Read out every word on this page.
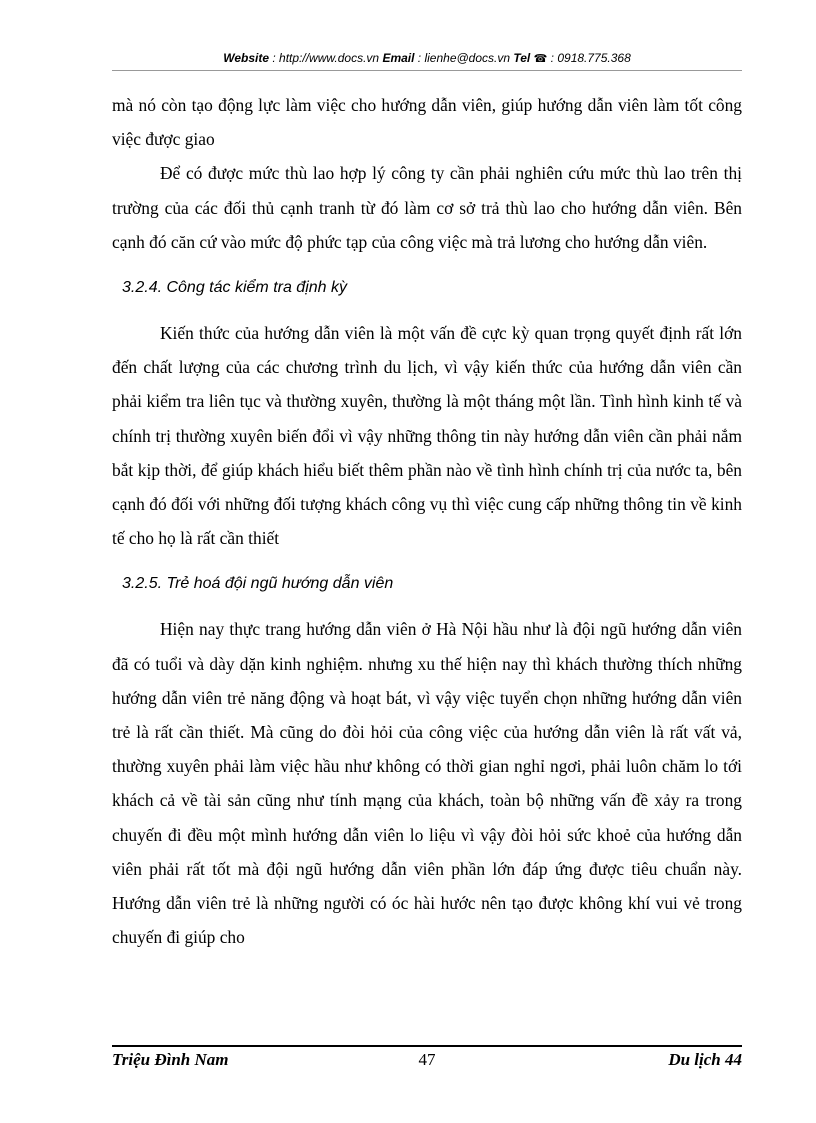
Website : http://www.docs.vn Email : lienhe@docs.vn Tel ☎ : 0918.775.368

mà nó còn tạo động lực làm việc cho hướng dẫn viên, giúp hướng dẫn viên làm tốt công việc được giao

Để có được mức thù lao hợp lý công ty cần phải nghiên cứu mức thù lao trên thị trường của các đối thủ cạnh tranh từ đó làm cơ sở trả thù lao cho hướng dẫn viên. Bên cạnh đó căn cứ vào mức độ phức tạp của công việc mà trả lương cho hướng dẫn viên.

3.2.4. Công tác kiểm tra định kỳ

Kiến thức của hướng dẫn viên là một vấn đề cực kỳ quan trọng quyết định rất lớn đến chất lượng của các chương trình du lịch, vì vậy kiến thức của hướng dẫn viên cần phải kiểm tra liên tục và thường xuyên, thường là một tháng một lần. Tình hình kinh tế và chính trị thường xuyên biến đổi vì vậy những thông tin này hướng dẫn viên cần phải nắm bắt kịp thời, để giúp khách hiểu biết thêm phần nào về tình hình chính trị của nước ta, bên cạnh đó đối với những đối tượng khách công vụ thì việc cung cấp những thông tin về kinh tế cho họ là rất cần thiết

3.2.5. Trẻ hoá đội ngũ hướng dẫn viên

Hiện nay thực trang hướng dẫn viên ở Hà Nội hầu như là đội ngũ hướng dẫn viên đã có tuổi và dày dặn kinh nghiệm. nhưng xu thế hiện nay thì khách thường thích những hướng dẫn viên trẻ năng động và hoạt bát, vì vậy việc tuyển chọn những hướng dẫn viên trẻ là rất cần thiết. Mà cũng do đòi hỏi của công việc của hướng dẫn viên là rất vất vả, thường xuyên phải làm việc hầu như không có thời gian nghỉ ngơi, phải luôn chăm lo tới khách cả về tài sản cũng như tính mạng của khách, toàn bộ những vấn đề xảy ra trong chuyến đi đều một mình hướng dẫn viên lo liệu vì vậy đòi hỏi sức khoẻ của hướng dẫn viên phải rất tốt mà đội ngũ hướng dẫn viên phần lớn đáp ứng được tiêu chuẩn này. Hướng dẫn viên trẻ là những người có óc hài hước nên tạo được không khí vui vẻ trong chuyến đi giúp cho

Triệu Đình Nam	47	Du lịch 44
